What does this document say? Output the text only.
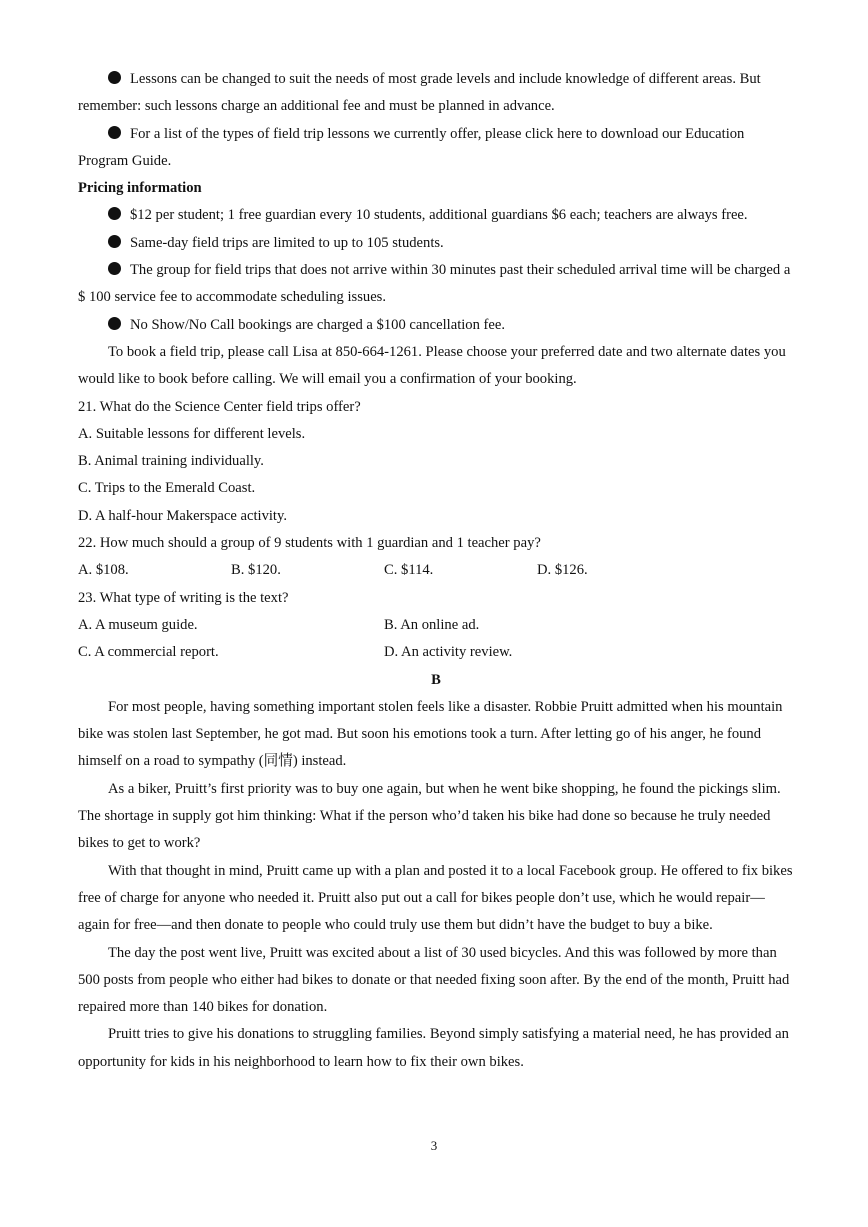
Lessons can be changed to suit the needs of most grade levels and include knowledge of different areas. But remember: such lessons charge an additional fee and must be planned in advance.

For a list of the types of field trip lessons we currently offer, please click here to download our Education Program Guide.

Pricing information

$12 per student; 1 free guardian every 10 students, additional guardians $6 each; teachers are always free.

Same-day field trips are limited to up to 105 students.

The group for field trips that does not arrive within 30 minutes past their scheduled arrival time will be charged a $ 100 service fee to accommodate scheduling issues.

No Show/No Call bookings are charged a $100 cancellation fee.

To book a field trip, please call Lisa at 850-664-1261. Please choose your preferred date and two alternate dates you would like to book before calling. We will email you a confirmation of your booking.

21. What do the Science Center field trips offer?

A. Suitable lessons for different levels.

B. Animal training individually.

C. Trips to the Emerald Coast.

D. A half-hour Makerspace activity.

22. How much should a group of 9 students with 1 guardian and 1 teacher pay?

A. $108.	B. $120.	C. $114.	D. $126.

23. What type of writing is the text?

A. A museum guide.	B. An online ad.
C. A commercial report.	D. An activity review.

B

For most people, having something important stolen feels like a disaster. Robbie Pruitt admitted when his mountain bike was stolen last September, he got mad. But soon his emotions took a turn. After letting go of his anger, he found himself on a road to sympathy (同情) instead.

As a biker, Pruitt’s first priority was to buy one again, but when he went bike shopping, he found the pickings slim. The shortage in supply got him thinking: What if the person who’d taken his bike had done so because he truly needed bikes to get to work?

With that thought in mind, Pruitt came up with a plan and posted it to a local Facebook group. He offered to fix bikes free of charge for anyone who needed it. Pruitt also put out a call for bikes people don’t use, which he would repair—again for free—and then donate to people who could truly use them but didn’t have the budget to buy a bike.

The day the post went live, Pruitt was excited about a list of 30 used bicycles. And this was followed by more than 500 posts from people who either had bikes to donate or that needed fixing soon after. By the end of the month, Pruitt had repaired more than 140 bikes for donation.

Pruitt tries to give his donations to struggling families. Beyond simply satisfying a material need, he has provided an opportunity for kids in his neighborhood to learn how to fix their own bikes.

3
